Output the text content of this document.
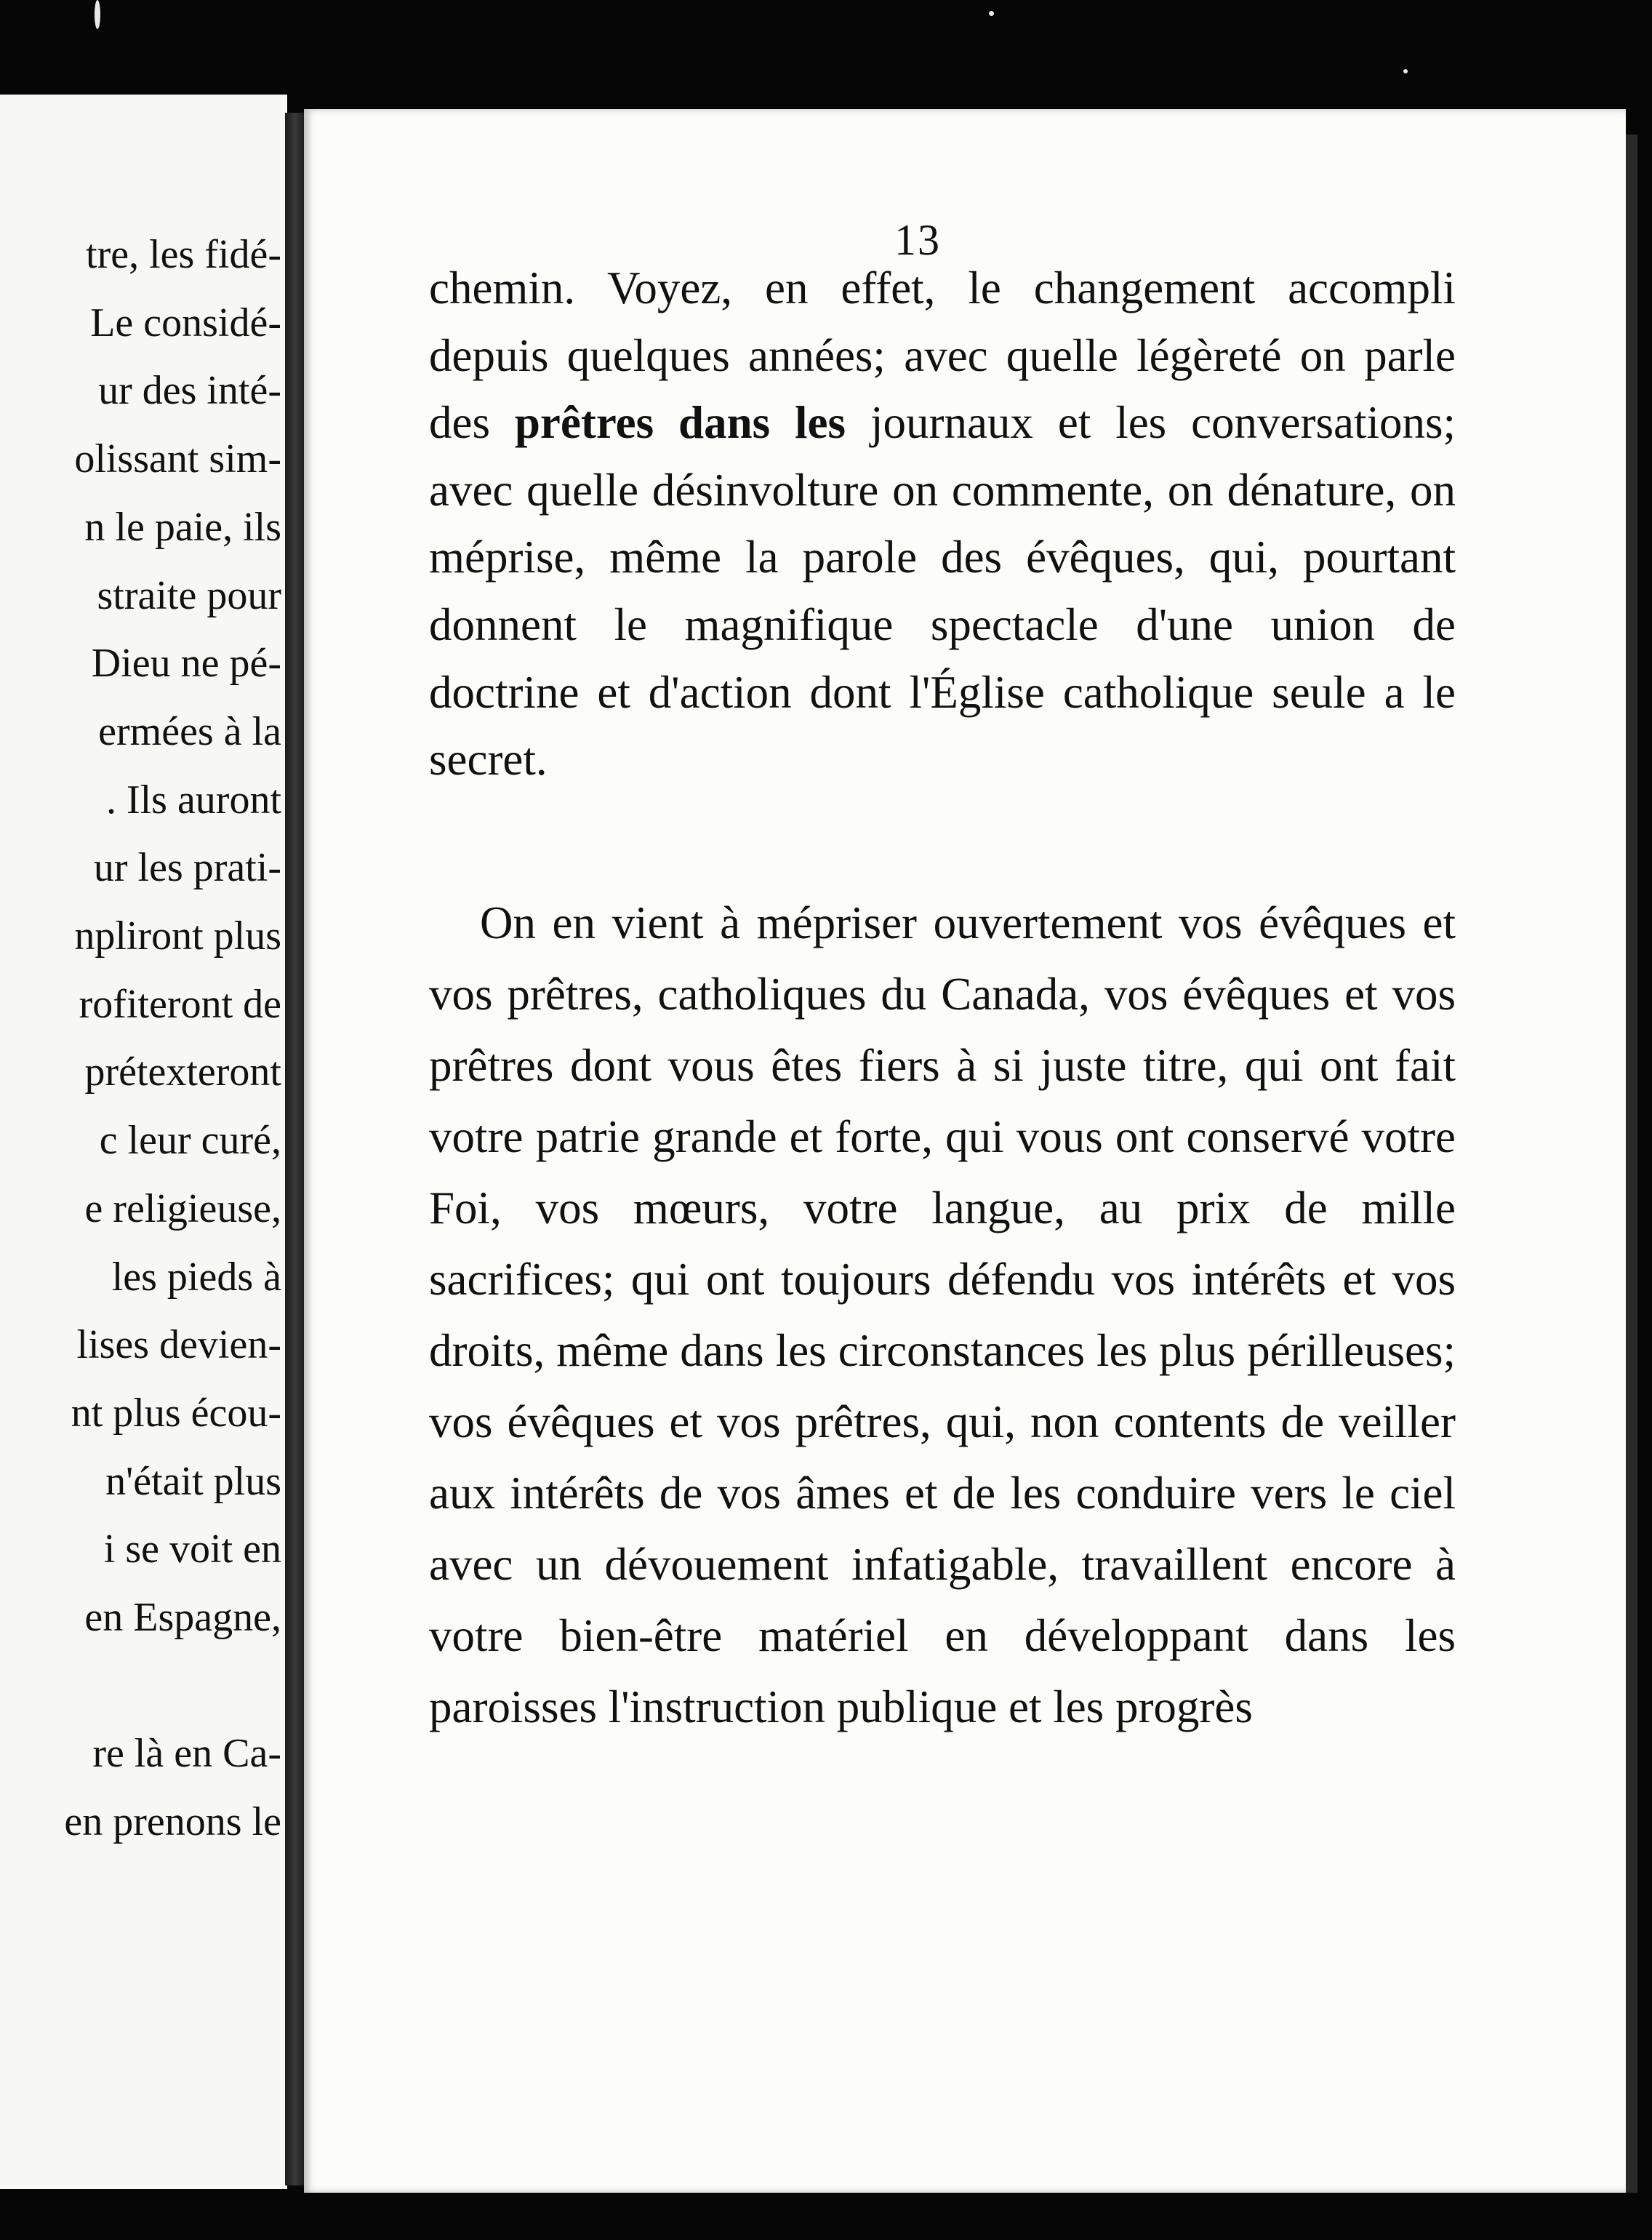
tre, les fidé-
Le considé-
ur des inté-
olissant sim-
n le paie, ils
straite pour
Dieu ne pé-
ermées à la
. Ils auront
ur les prati-
npliront plus
rofiteront de
prétexteront
c leur curé,
e religieuse,
les pieds à
lises devien-
nt plus écou-
n'était plus
i se voit en
en Espagne,
re là en Ca-
en prenons le
13
chemin. Voyez, en effet, le changement accompli depuis quelques années; avec quelle légèreté on parle des prêtres dans les journaux et les conversations; avec quelle désinvolture on commente, on dénature, on méprise, même la parole des évêques, qui, pourtant donnent le magnifique spectacle d'une union de doctrine et d'action dont l'Église catholique seule a le secret.
On en vient à mépriser ouvertement vos évêques et vos prêtres, catholiques du Canada, vos évêques et vos prêtres dont vous êtes fiers à si juste titre, qui ont fait votre patrie grande et forte, qui vous ont conservé votre Foi, vos mœurs, votre langue, au prix de mille sacrifices; qui ont toujours défendu vos intérêts et vos droits, même dans les circonstances les plus périlleuses; vos évêques et vos prêtres, qui, non contents de veiller aux intérêts de vos âmes et de les conduire vers le ciel avec un dévouement infatigable, travaillent encore à votre bien-être matériel en développant dans les paroisses l'instruction publique et les progrès
